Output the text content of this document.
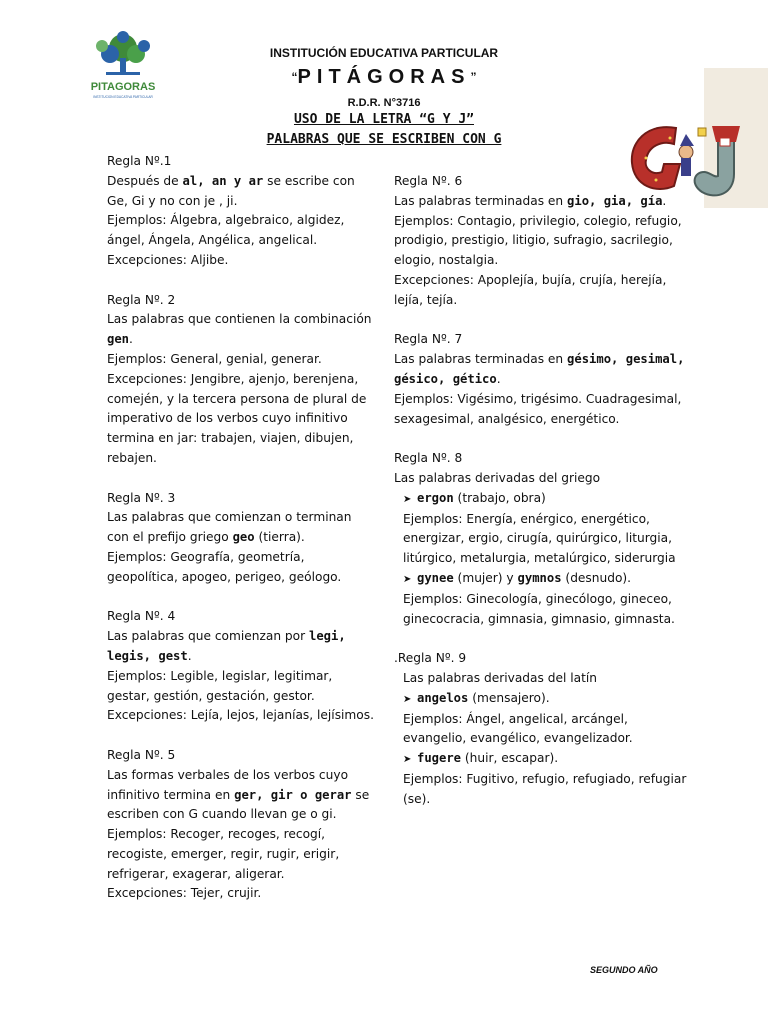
PITAGORAS
INSTITUCION EDUCATIVA PARTICULAR
INSTITUCIÓN EDUCATIVA PARTICULAR
“PITÁGORAS”
R.D.R. N°3716
USO DE LA LETRA “G Y J”
PALABRAS QUE SE ESCRIBEN CON G
Regla Nº.1
Después de al, an y ar se escribe con Ge, Gi y no con je , ji.
Ejemplos: Álgebra, algebraico, algidez, ángel, Ángela, Angélica, angelical.
Excepciones: Aljibe.
Regla Nº. 2
Las palabras que contienen la combinación gen.
Ejemplos: General, genial, generar.
Excepciones: Jengibre, ajenjo, berenjena, comején, y la tercera persona de plural de imperativo de los verbos cuyo infinitivo termina en jar: trabajen, viajen, dibujen, rebajen.
Regla Nº. 3
Las palabras que comienzan o terminan con el prefijo griego geo (tierra).
Ejemplos: Geografía, geometría, geopolítica, apogeo, perigeo, geólogo.
Regla Nº. 4
Las palabras que comienzan por legi, legis, gest.
Ejemplos: Legible, legislar, legitimar, gestar, gestión, gestación, gestor.
Excepciones: Lejía, lejos, lejanías, lejísimos.
Regla Nº. 5
Las formas verbales de los verbos cuyo infinitivo termina en ger, gir o gerar se escriben con G cuando llevan ge o gi.
Ejemplos: Recoger, recoges, recogí, recogiste, emerger, regir, rugir, erigir, refrigerar, exagerar, aligerar.
Excepciones: Tejer, crujir.
Regla Nº. 6
Las palabras terminadas en gio, gia, gía.
Ejemplos: Contagio, privilegio, colegio, refugio, prodigio, prestigio, litigio, sufragio, sacrilegio, elogio, nostalgia.
Excepciones: Apoplejía, bujía, crujía, herejía, lejía, tejía.
Regla Nº. 7
Las palabras terminadas en gésimo, gesimal, gésico, gético.
Ejemplos: Vigésimo, trigésimo. Cuadragesimal, sexagesimal, analgésico, energético.
Regla Nº. 8
Las palabras derivadas del griego
➤ ergon (trabajo, obra)
Ejemplos: Energía, enérgico, energético, energizar, ergio, cirugía, quirúrgico, liturgia, litúrgico, metalurgia, metalúrgico, siderurgia
➤ gynee (mujer) y gymnos (desnudo).
Ejemplos: Ginecología, ginecólogo, gineceo, ginecocracia, gimnasia, gimnasio, gimnasta.
.Regla Nº. 9
Las palabras derivadas del latín
➤ angelos (mensajero).
Ejemplos: Ángel, angelical, arcángel, evangelio, evangélico, evangelizador.
➤ fugere (huir, escapar).
Ejemplos: Fugitivo, refugio, refugiado, refugiar (se).
SEGUNDO AÑO
